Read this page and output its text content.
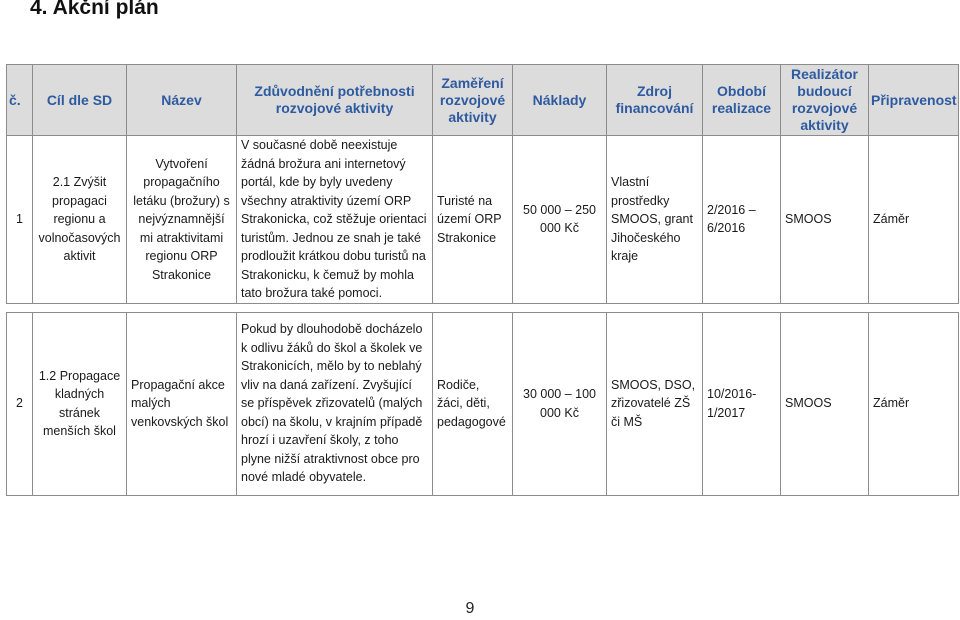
4. Akční plán
č.	Cíl dle SD	Název	Zdůvodnění potřebnosti rozvojové aktivity	Zaměření rozvojové aktivity	Náklady	Zdroj financování	Období realizace	Realizátor budoucí rozvojové aktivity	Připravenost
1	2.1 Zvýšit propagaci regionu a volnočasových aktivit	Vytvoření propagačního letáku (brožury) s nejvýznamnější mi atraktivitami regionu ORP Strakonice	V současné době neexistuje žádná brožura ani internetový portál, kde by byly uvedeny všechny atraktivity území ORP Strakonicka, což stěžuje orientaci turistům. Jednou ze snah je také prodloužit krátkou dobu turistů na Strakonicku, k čemuž by mohla tato brožura také pomoci.	Turisté na území ORP Strakonice	50 000 – 250 000 Kč	Vlastní prostředky SMOOS, grant Jihočeského kraje	2/2016 – 6/2016	SMOOS	Záměr

2	1.2 Propagace kladných stránek menších škol	Propagační akce malých venkovských škol	Pokud by dlouhodobě docházelo k odlivu žáků do škol a školek ve Strakonicích, mělo by to neblahý vliv na daná zařízení. Zvyšující se příspěvek zřizovatelů (malých obcí) na školu, v krajním případě hrozí i uzavření školy, z toho plyne nižší atraktivnost obce pro nové mladé obyvatele.	Rodiče, žáci, děti, pedagogové	30 000 – 100 000 Kč	SMOOS, DSO, zřizovatelé ZŠ či MŠ	10/2016-1/2017	SMOOS	Záměr
9
